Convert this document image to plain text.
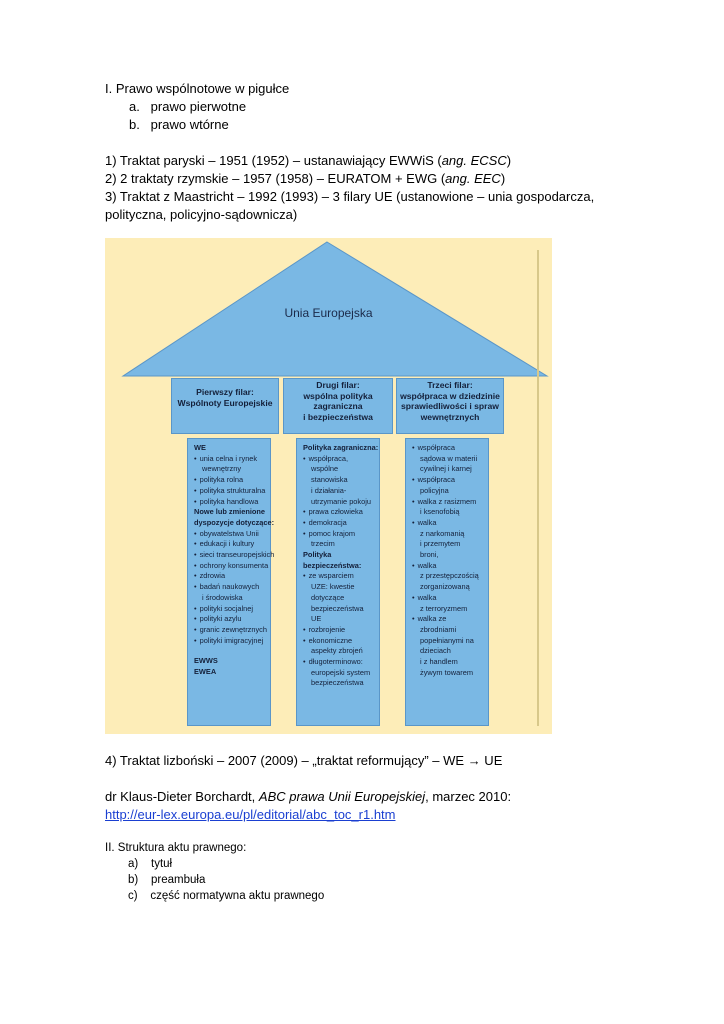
I. Prawo wspólnotowe w pigułce
a.   prawo pierwotne
b.   prawo wtórne
1) Traktat paryski – 1951 (1952) – ustanawiający EWWiS (ang. ECSC)
2) 2 traktaty rzymskie – 1957 (1958) – EURATOM + EWG (ang. EEC)
3) Traktat z Maastricht – 1992 (1993) – 3 filary UE (ustanowione – unia gospodarcza,
polityczna, policyjno-sądownicza)
Unia Europejska
Pierwszy filar:
Wspólnoty Europejskie
Drugi filar:
wspólna polityka
zagraniczna
i bezpieczeństwa
Trzeci filar:
współpraca w dziedzinie
sprawiedliwości i spraw
wewnętrznych
WE
• unia celna i rynek
wewnętrzny
• polityka rolna
• polityka strukturalna
• polityka handlowa
Nowe lub zmienione
dyspozycje dotyczące:
• obywatelstwa Unii
• edukacji i kultury
• sieci transeuropejskich
• ochrony konsumenta
• zdrowia
• badań naukowych
i środowiska
• polityki socjalnej
• polityki azylu
• granic zewnętrznych
• polityki imigracyjnej
EWWS
EWEA
Polityka zagraniczna:
• współpraca,
wspólne
stanowiska
i działania-
utrzymanie pokoju
• prawa człowieka
• demokracja
• pomoc krajom
trzecim
Polityka
bezpieczeństwa:
• ze wsparciem
UZE: kwestie
dotyczące
bezpieczeństwa
UE
• rozbrojenie
• ekonomiczne
aspekty zbrojeń
• długoterminowo:
europejski system
bezpieczeństwa
• współpraca
sądowa w materii
cywilnej i karnej
• współpraca
policyjna
• walka z rasizmem
i ksenofobią
• walka
z narkomanią
i przemytem
broni,
• walka
z przestępczością
zorganizowaną
• walka
z terroryzmem
• walka ze
zbrodniami
popełnianymi na
dzieciach
i z handlem
żywym towarem
4) Traktat lizboński – 2007 (2009) – „traktat reformujący” – WE → UE
dr Klaus-Dieter Borchardt, ABC prawa Unii Europejskiej, marzec 2010:
http://eur-lex.europa.eu/pl/editorial/abc_toc_r1.htm
II. Struktura aktu prawnego:
a)    tytuł
b)    preambuła
c)    część normatywna aktu prawnego
